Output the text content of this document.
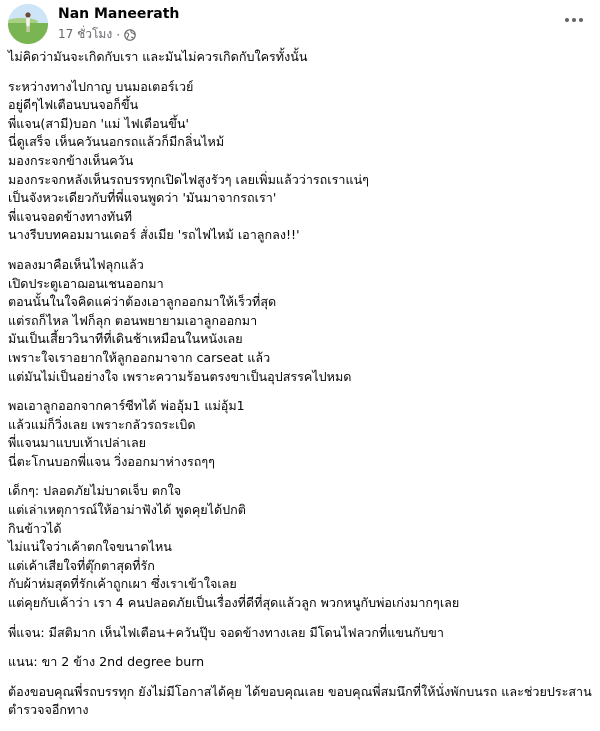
Nan Maneerath
17 ชั่วโมง ·
ไม่คิดว่ามันจะเกิดกับเรา และมันไม่ควรเกิดกับใครทั้งนั้น
ระหว่างทางไปกาญ บนมอเตอร์เวย์
อยู่ดีๆไฟเตือนบนจอก็ขึ้น
พี่แจน(สามี)บอก 'แม่ ไฟเตือนขึ้น'
นี่ดูเสร็จ เห็นควันนอกรถแล้วก็มีกลิ่นไหม้
มองกระจกข้างเห็นควัน
มองกระจกหลังเห็นรถบรรทุกเปิดไฟสูงรัวๆ เลยเพิ่มแล้วว่ารถเราแน่ๆ
เป็นจังหวะเดียวกับที่พี่แจนพูดว่า 'มันมาจากรถเรา'
พี่แจนจอดข้างทางทันที
นางรีบบทคอมมานเดอร์ สั่งเมีย 'รถไฟไหม้ เอาลูกลง!!'
พอลงมาคือเห็นไฟลุกแล้ว
เปิดประตูเอาฌอนเชนออกมา
ตอนนั้นในใจคิดแค่ว่าต้องเอาลูกออกมาให้เร็วที่สุด
แต่รถก็ไหล ไฟก็ลุก ตอนพยายามเอาลูกออกมา
มันเป็นเสี้ยววินาทีที่เดินช้าเหมือนในหนังเลย
เพราะใจเราอยากให้ลูกออกมาจาก carseat แล้ว
แต่มันไม่เป็นอย่างใจ เพราะความร้อนตรงขาเป็นอุปสรรคไปหมด
พอเอาลูกออกจากคาร์ซีทได้ พ่ออุ้ม1 แม่อุ้ม1
แล้วแม่ก็วิ่งเลย เพราะกลัวรถระเบิด
พี่แจนมาแบบเท้าเปล่าเลย
นี่ตะโกนบอกพี่แจน วิ่งออกมาห่างรถๆๆ
เด็กๆ: ปลอดภัยไม่บาดเจ็บ ตกใจ
แต่เล่าเหตุการณ์ให้อาม่าฟังได้ พูดคุยได้ปกติ
กินข้าวได้
ไม่แน่ใจว่าเค้าตกใจขนาดไหน
แต่เค้าเสียใจที่ตุ๊กตาสุดที่รัก
กับผ้าห่มสุดที่รักเค้าถูกเผา ซึ่งเราเข้าใจเลย
แต่คุยกับเค้าว่า เรา 4 คนปลอดภัยเป็นเรื่องที่ดีที่สุดแล้วลูก พวกหนูกับพ่อเก่งมากๆเลย
พี่แจน: มีสติมาก เห็นไฟเตือน+ควันปุ๊บ จอดข้างทางเลย มีโดนไฟลวกที่แขนกับขา
แนน: ขา 2 ข้าง 2nd degree burn
ต้องขอบคุณพี่รถบรรทุก ยังไม่มีโอกาสได้คุย ได้ขอบคุณเลย ขอบคุณพี่สมนึกที่ให้นั่งพักบนรถ และช่วยประสาน
ตำรวจจอีกทาง
